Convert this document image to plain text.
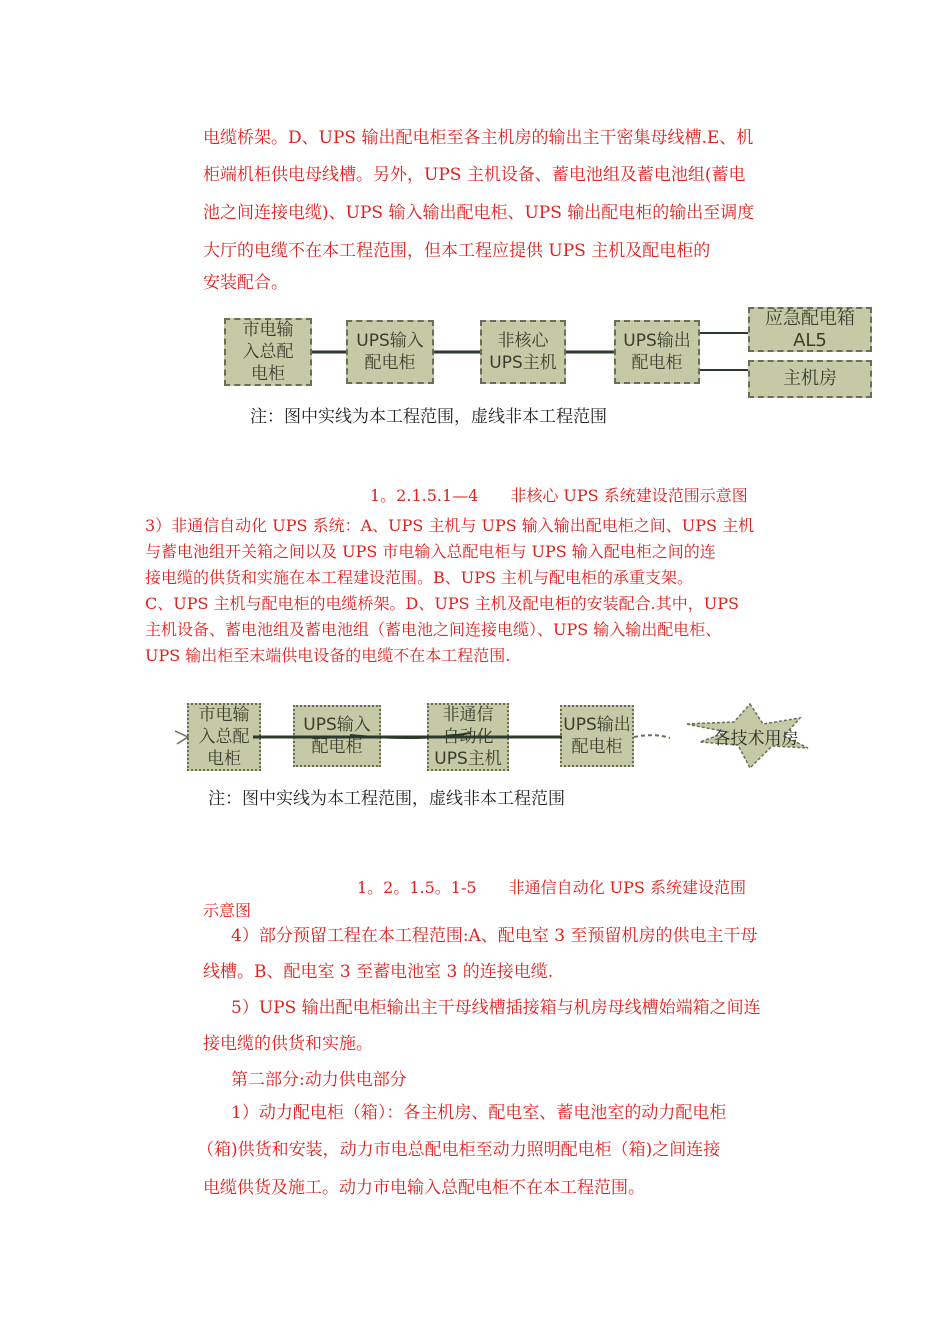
电缆桥架。D、UPS 输出配电柜至各主机房的输出主干密集母线槽.E、机
柜端机柜供电母线槽。另外，UPS 主机设备、蓄电池组及蓄电池组(蓄电
池之间连接电缆)、UPS 输入输出配电柜、UPS 输出配电柜的输出至调度
大厅的电缆不在本工程范围，但本工程应提供 UPS 主机及配电柜的
安装配合。
市电输
入总配
电柜
UPS输入
配电柜
非核心
UPS主机
UPS输出
配电柜
应急配电箱
AL5
主机房
注：图中实线为本工程范围，虚线非本工程范围
1。2.1.5.1—4　　非核心 UPS 系统建设范围示意图
3）非通信自动化 UPS 系统：A、UPS 主机与 UPS 输入输出配电柜之间、UPS 主机
与蓄电池组开关箱之间以及 UPS 市电输入总配电柜与 UPS 输入配电柜之间的连
接电缆的供货和实施在本工程建设范围。B、UPS 主机与配电柜的承重支架。
C、UPS 主机与配电柜的电缆桥架。D、UPS 主机及配电柜的安装配合.其中，UPS
主机设备、蓄电池组及蓄电池组（蓄电池之间连接电缆）、UPS 输入输出配电柜、
UPS 输出柜至末端供电设备的电缆不在本工程范围.
市电输
入总配
电柜
UPS输入
配电柜
非通信
自动化
UPS主机
UPS输出
配电柜	各技术用房
注：图中实线为本工程范围，虚线非本工程范围
1。2。1.5。1-5　　非通信自动化 UPS 系统建设范围
示意图
4）部分预留工程在本工程范围:A、配电室 3 至预留机房的供电主干母
线槽。B、配电室 3 至蓄电池室 3 的连接电缆.
5）UPS 输出配电柜输出主干母线槽插接箱与机房母线槽始端箱之间连
接电缆的供货和实施。
第二部分:动力供电部分
1）动力配电柜（箱）：各主机房、配电室、蓄电池室的动力配电柜
（箱)供货和安装，动力市电总配电柜至动力照明配电柜（箱)之间连接
电缆供货及施工。动力市电输入总配电柜不在本工程范围。
